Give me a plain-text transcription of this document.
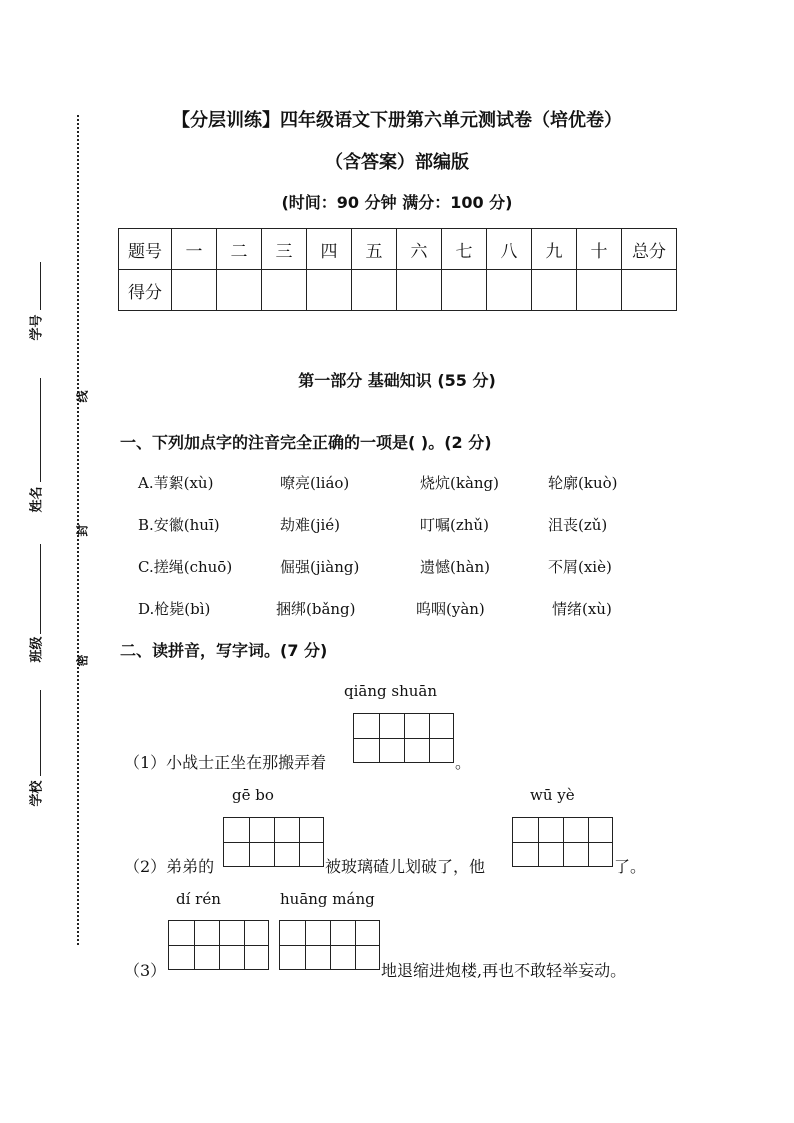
线
封
密
学号
姓名
班级
学校
【分层训练】四年级语文下册第六单元测试卷（培优卷）
（含答案）部编版
(时间：90 分钟 满分：100 分)
题号	一	二	三	四	五	六	七	八	九	十	总分
得分											
第一部分 基础知识 (55 分)
一、下列加点字的注音完全正确的一项是( )。(2 分)
A.苇絮(xù)	嘹亮(liáo)	烧炕(kàng)	轮廓(kuò)
B.安徽(huī)	劫难(jié)	叮嘱(zhǔ)	沮丧(zǔ)
C.搓绳(chuō)	倔强(jiàng)	遗憾(hàn)	不屑(xiè)
D.枪毙(bì)	捆绑(bǎng)	呜咽(yàn)	情绪(xù)
二、读拼音，写字词。(7 分)
qiāng shuān
（1）小战士正坐在那搬弄着	。
gē bo	wū yè
（2）弟弟的	被玻璃碴儿划破了，他	了。
dí rén	huāng máng
（3）	地退缩进炮楼,再也不敢轻举妄动。
